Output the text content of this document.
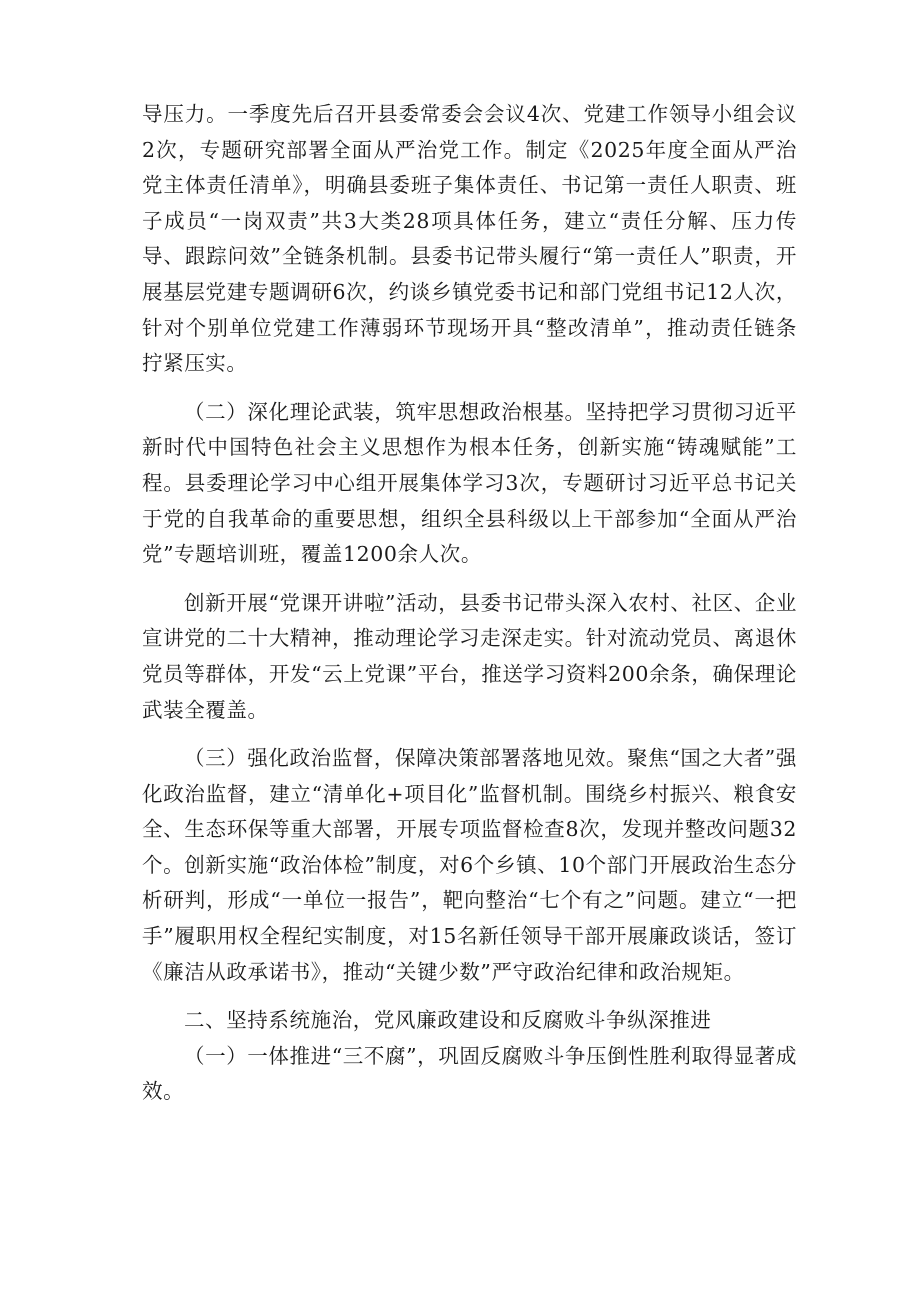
导压力。一季度先后召开县委常委会会议4次、党建工作领导小组会议2次，专题研究部署全面从严治党工作。制定《2025年度全面从严治党主体责任清单》，明确县委班子集体责任、书记第一责任人职责、班子成员“一岗双责”共3大类28项具体任务，建立“责任分解、压力传导、跟踪问效”全链条机制。县委书记带头履行“第一责任人”职责，开展基层党建专题调研6次，约谈乡镇党委书记和部门党组书记12人次，针对个别单位党建工作薄弱环节现场开具“整改清单”，推动责任链条拧紧压实。

（二）深化理论武装，筑牢思想政治根基。坚持把学习贯彻习近平新时代中国特色社会主义思想作为根本任务，创新实施“铸魂赋能”工程。县委理论学习中心组开展集体学习3次，专题研讨习近平总书记关于党的自我革命的重要思想，组织全县科级以上干部参加“全面从严治党”专题培训班，覆盖1200余人次。

创新开展“党课开讲啦”活动，县委书记带头深入农村、社区、企业宣讲党的二十大精神，推动理论学习走深走实。针对流动党员、离退休党员等群体，开发“云上党课”平台，推送学习资料200余条，确保理论武装全覆盖。

（三）强化政治监督，保障决策部署落地见效。聚焦“国之大者”强化政治监督，建立“清单化+项目化”监督机制。围绕乡村振兴、粮食安全、生态环保等重大部署，开展专项监督检查8次，发现并整改问题32个。创新实施“政治体检”制度，对6个乡镇、10个部门开展政治生态分析研判，形成“一单位一报告”，靶向整治“七个有之”问题。建立“一把手”履职用权全程纪实制度，对15名新任领导干部开展廉政谈话，签订《廉洁从政承诺书》，推动“关键少数”严守政治纪律和政治规矩。

二、坚持系统施治，党风廉政建设和反腐败斗争纵深推进

（一）一体推进“三不腐”，巩固反腐败斗争压倒性胜利取得显著成效。
